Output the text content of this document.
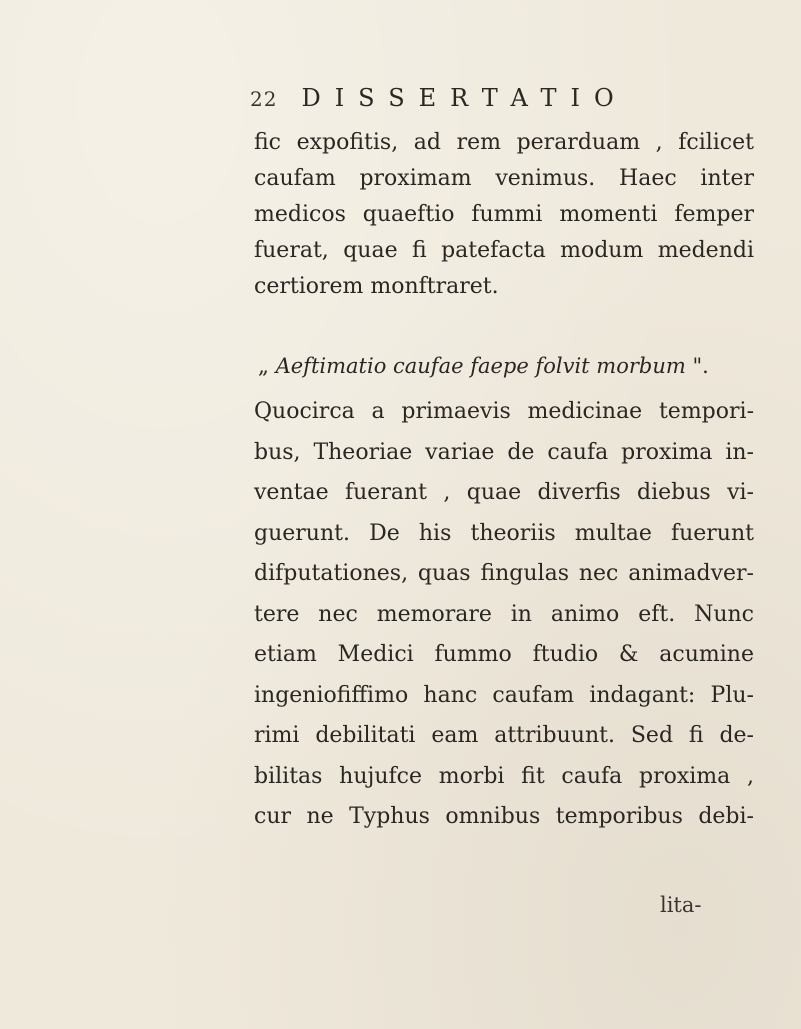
22 DISSERTATIO
fic expofitis, ad rem perarduam , fcilicet
caufam proximam venimus. Haec inter
medicos quaeftio fummi momenti femper
fuerat, quae fi patefacta modum medendi
certiorem monftraret.
„ Aeftimatio caufae faepe folvit morbum ".
Quocirca a primaevis medicinae tempori-
bus, Theoriae variae de caufa proxima in-
ventae fuerant , quae diverfis diebus vi-
guerunt. De his theoriis multae fuerunt
difputationes, quas fingulas nec animadver-
tere nec memorare in animo eft. Nunc
etiam Medici fummo ftudio & acumine
ingeniofiffimo hanc caufam indagant: Plu-
rimi debilitati eam attribuunt. Sed fi de-
bilitas hujufce morbi fit caufa proxima ,
cur ne Typhus omnibus temporibus debi-
lita-
